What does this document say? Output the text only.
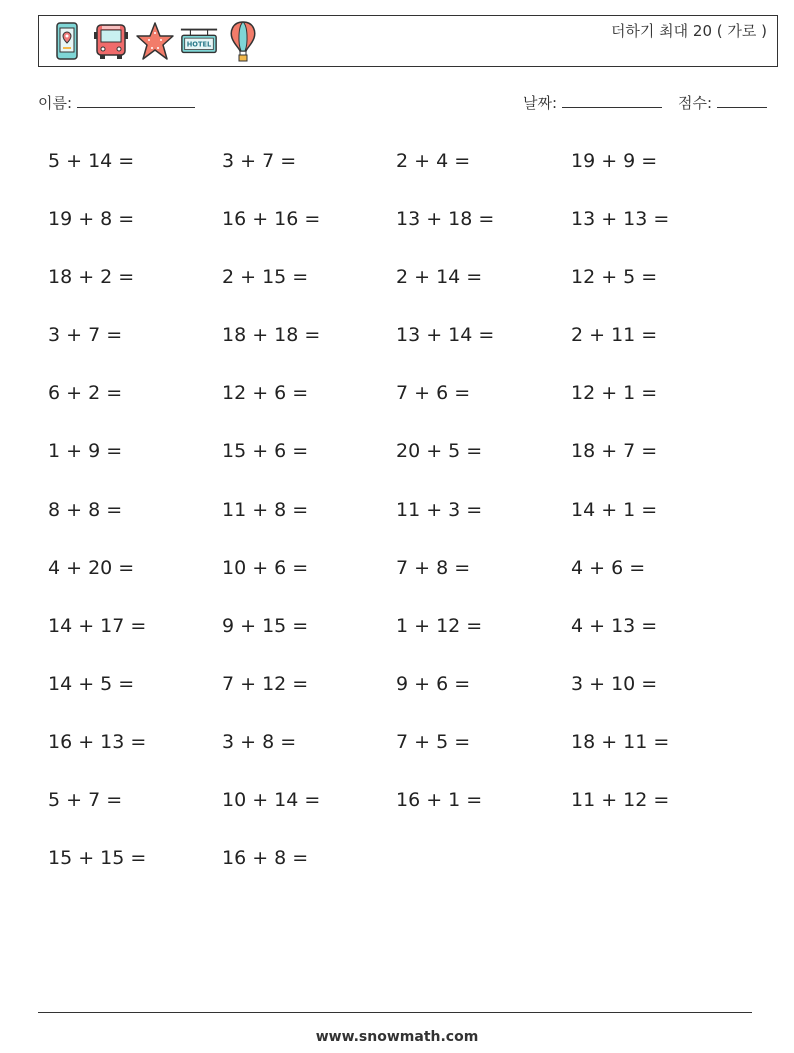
HOTEL
더하기 최대 20 ( 가로 )
이름:	날짜:	점수:
5 + 14 =	3 + 7 =	2 + 4 =	19 + 9 =
19 + 8 =	16 + 16 =	13 + 18 =	13 + 13 =
18 + 2 =	2 + 15 =	2 + 14 =	12 + 5 =
3 + 7 =	18 + 18 =	13 + 14 =	2 + 11 =
6 + 2 =	12 + 6 =	7 + 6 =	12 + 1 =
1 + 9 =	15 + 6 =	20 + 5 =	18 + 7 =
8 + 8 =	11 + 8 =	11 + 3 =	14 + 1 =
4 + 20 =	10 + 6 =	7 + 8 =	4 + 6 =
14 + 17 =	9 + 15 =	1 + 12 =	4 + 13 =
14 + 5 =	7 + 12 =	9 + 6 =	3 + 10 =
16 + 13 =	3 + 8 =	7 + 5 =	18 + 11 =
5 + 7 =	10 + 14 =	16 + 1 =	11 + 12 =
15 + 15 =	16 + 8 =
www.snowmath.com
